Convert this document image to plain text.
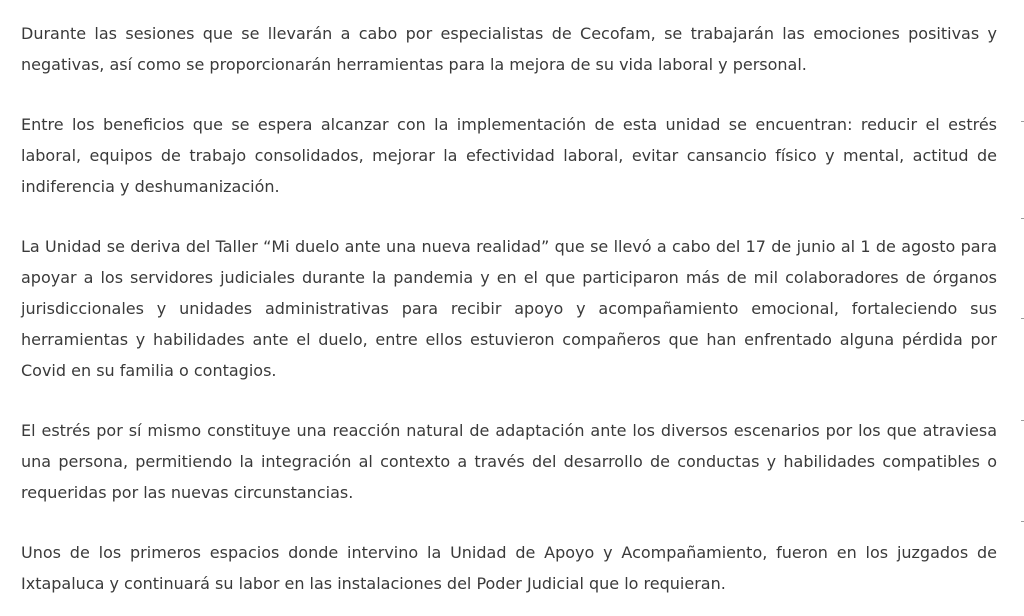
Durante las sesiones que se llevarán a cabo por especialistas de Cecofam, se trabajarán las emociones positivas y negativas, así como se proporcionarán herramientas para la mejora de su vida laboral y personal.

Entre los beneficios que se espera alcanzar con la implementación de esta unidad se encuentran: reducir el estrés laboral, equipos de trabajo consolidados, mejorar la efectividad laboral, evitar cansancio físico y mental, actitud de indiferencia y deshumanización.

La Unidad se deriva del Taller “Mi duelo ante una nueva realidad” que se llevó a cabo del 17 de junio al 1 de agosto para apoyar a los servidores judiciales durante la pandemia y en el que participaron más de mil colaboradores de órganos jurisdiccionales y unidades administrativas para recibir apoyo y acompañamiento emocional, fortaleciendo sus herramientas y habilidades ante el duelo, entre ellos estuvieron compañeros que han enfrentado alguna pérdida por Covid en su familia o contagios.

El estrés por sí mismo constituye una reacción natural de adaptación ante los diversos escenarios por los que atraviesa una persona, permitiendo la integración al contexto a través del desarrollo de conductas y habilidades compatibles o requeridas por las nuevas circunstancias.

Unos de los primeros espacios donde intervino la Unidad de Apoyo y Acompañamiento, fueron en los juzgados de Ixtapaluca y continuará su labor en las instalaciones del Poder Judicial que lo requieran.
